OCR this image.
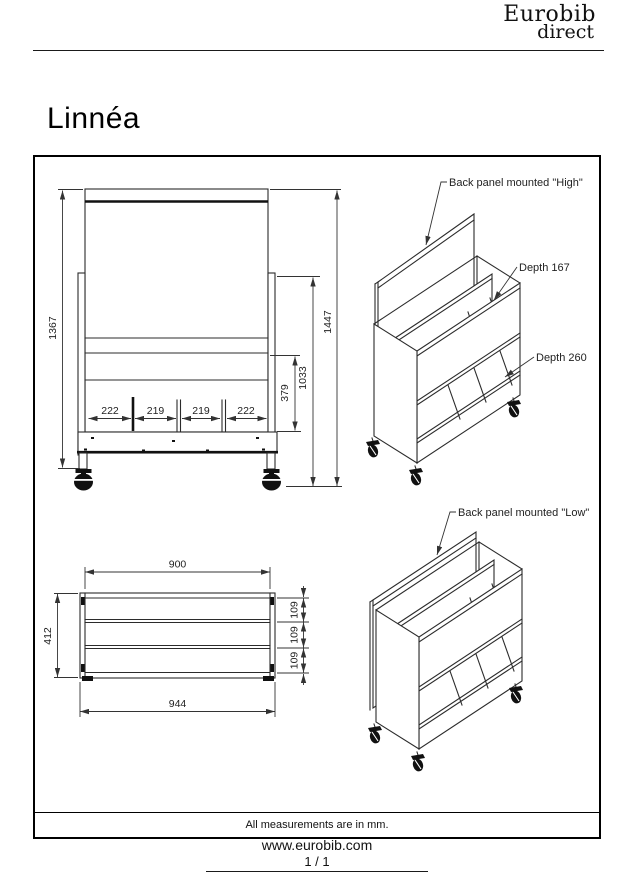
Eurobib
direct
Linnéa
All measurements are in mm.
1367	1447
1033
379
222	219	219	222
Back panel mounted "High"
Depth 167
Depth 260
900
944
412
109
109
109
Back panel mounted "Low"
www.eurobib.com
1 / 1
